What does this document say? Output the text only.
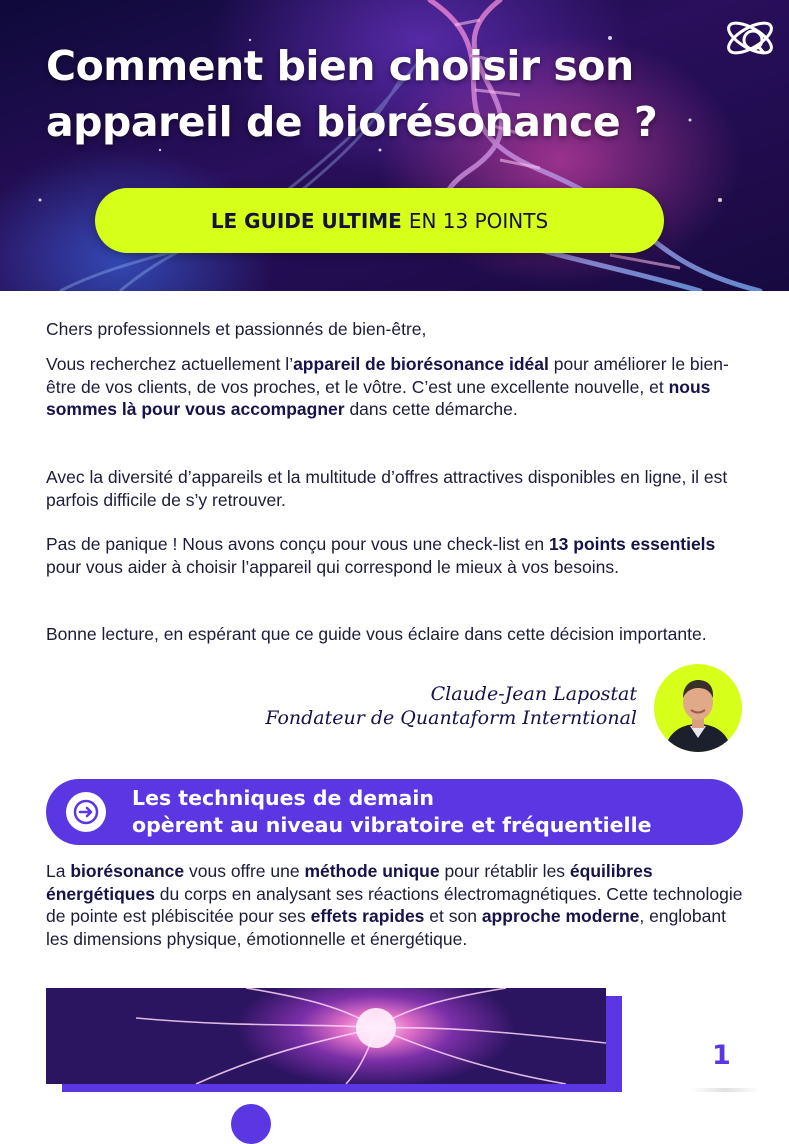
Comment bien choisir son
appareil de biorésonance ?
LE GUIDE ULTIME EN 13 POINTS

Chers professionnels et passionnés de bien-être,

Vous recherchez actuellement l’appareil de biorésonance idéal pour améliorer le bien-être de vos clients, de vos proches, et le vôtre. C’est une excellente nouvelle, et nous sommes là pour vous accompagner dans cette démarche.

Avec la diversité d’appareils et la multitude d’offres attractives disponibles en ligne, il est parfois difficile de s’y retrouver.

Pas de panique ! Nous avons conçu pour vous une check-list en 13 points essentiels pour vous aider à choisir l’appareil qui correspond le mieux à vos besoins.

Bonne lecture, en espérant que ce guide vous éclaire dans cette décision importante.

Claude-Jean Lapostat
Fondateur de Quantaform Interntional
Les techniques de demain
opèrent au niveau vibratoire et fréquentielle

La biorésonance vous offre une méthode unique pour rétablir les équilibres énergétiques du corps en analysant ses réactions électromagnétiques. Cette technologie de pointe est plébiscitée pour ses effets rapides et son approche moderne, englobant les dimensions physique, émotionnelle et énergétique.

1
